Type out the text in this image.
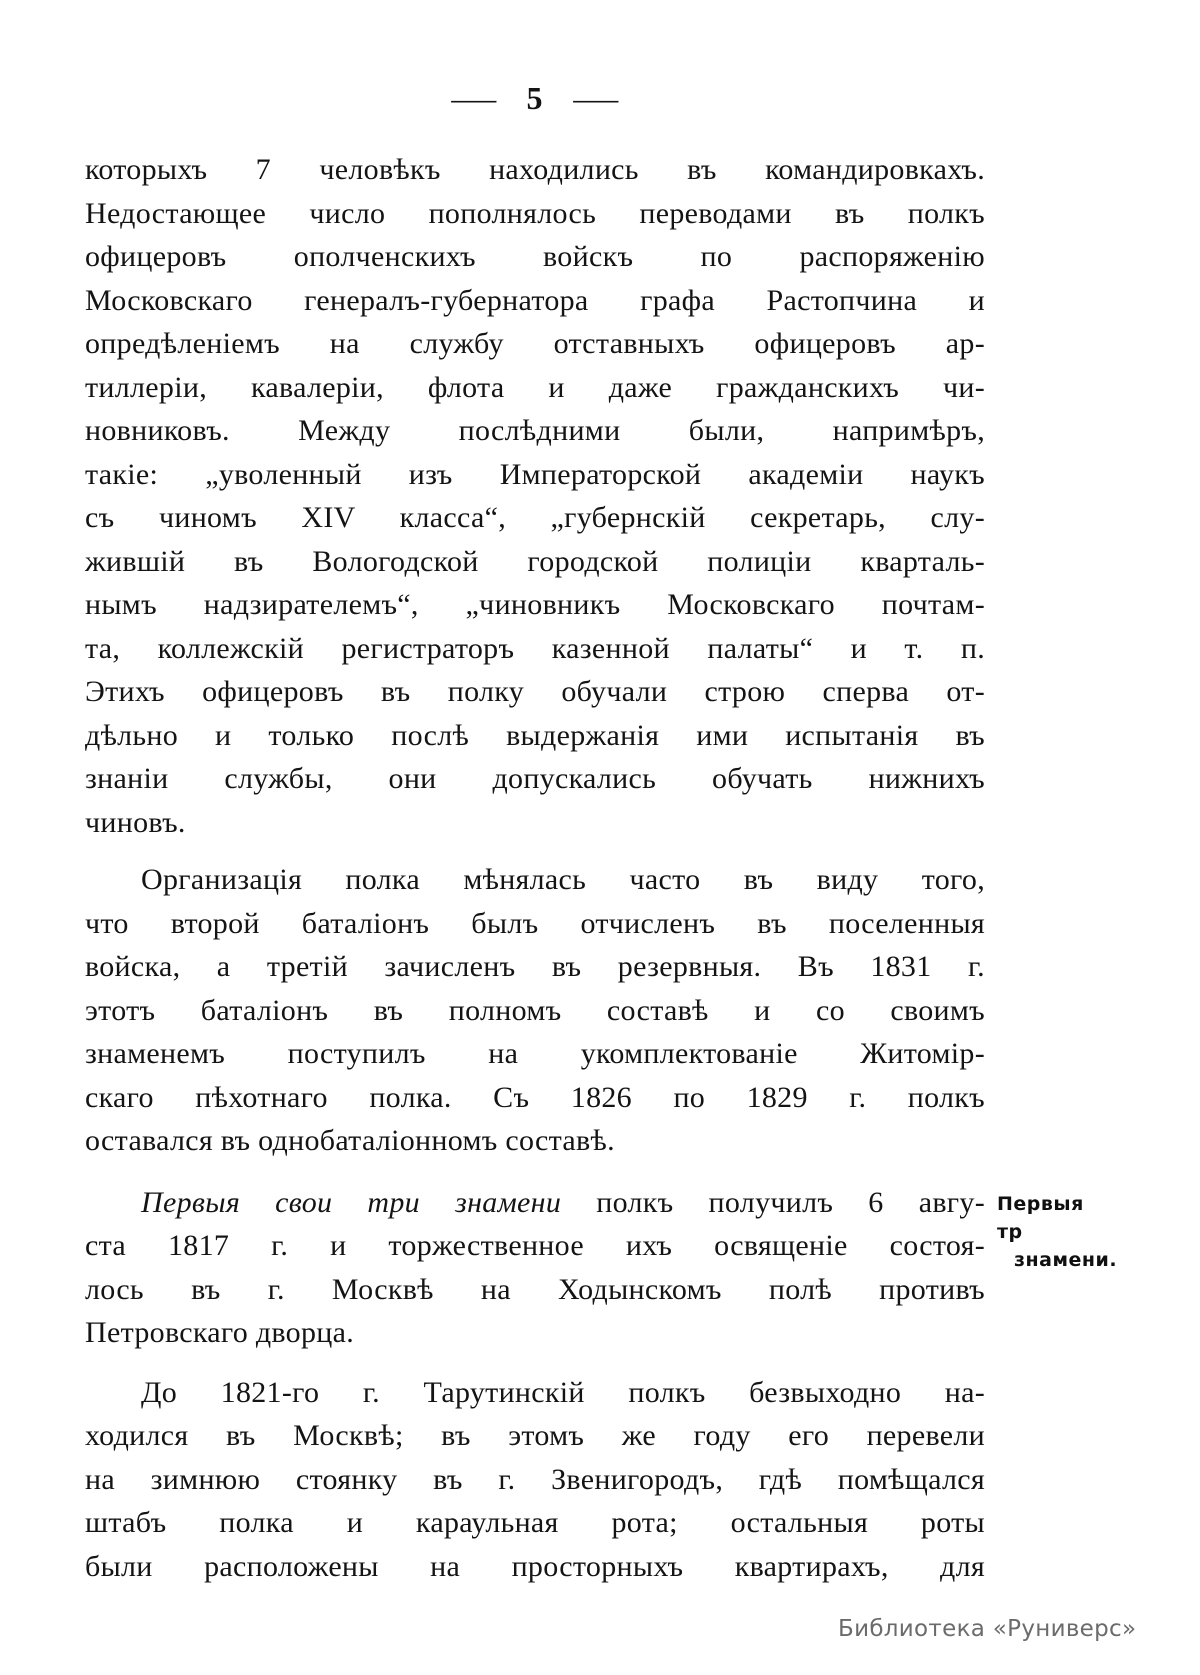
— 5 —
которыхъ 7 человѣкъ находились въ командировкахъ.
Недостающее число пополнялось переводами въ полкъ
офицеровъ ополченскихъ войскъ по распоряженію
Московскаго генералъ-губернатора графа Растопчина и
опредѣленіемъ на службу отставныхъ офицеровъ ар-
тиллеріи, кавалеріи, флота и даже гражданскихъ чи-
новниковъ. Между послѣдними были, напримѣръ,
такіе: „уволенный изъ Императорской академіи наукъ
съ чиномъ XIV класса“, „губернскій секретарь, слу-
жившій въ Вологодской городской полиціи кварталь-
нымъ надзирателемъ“, „чиновникъ Московскаго почтам-
та, коллежскій регистраторъ казенной палаты“ и т. п.
Этихъ офицеровъ въ полку обучали строю сперва от-
дѣльно и только послѣ выдержанія ими испытанія въ
знаніи службы, они допускались обучать нижнихъ
чиновъ.
Организація полка мѣнялась часто въ виду того,
что второй баталіонъ былъ отчисленъ въ поселенныя
войска, а третій зачисленъ въ резервныя. Въ 1831 г.
этотъ баталіонъ въ полномъ составѣ и со своимъ
знаменемъ поступилъ на укомплектованіе Житомір-
скаго пѣхотнаго полка. Съ 1826 по 1829 г. полкъ
оставался въ однобаталіонномъ составѣ.
Первыя свои три знамени полкъ получилъ 6 авгу-
ста 1817 г. и торжественное ихъ освященіе состоя-
лось въ г. Москвѣ на Ходынскомъ полѣ противъ
Петровскаго дворца.
До 1821-го г. Тарутинскій полкъ безвыходно на-
ходился въ Москвѣ; въ этомъ же году его перевели
на зимнюю стоянку въ г. Звенигородъ, гдѣ помѣщался
штабъ полка и караульная рота; остальныя роты
были расположены на просторныхъ квартирахъ, для
Первыя тр
знамени.
Библиотека «Руниверс»
